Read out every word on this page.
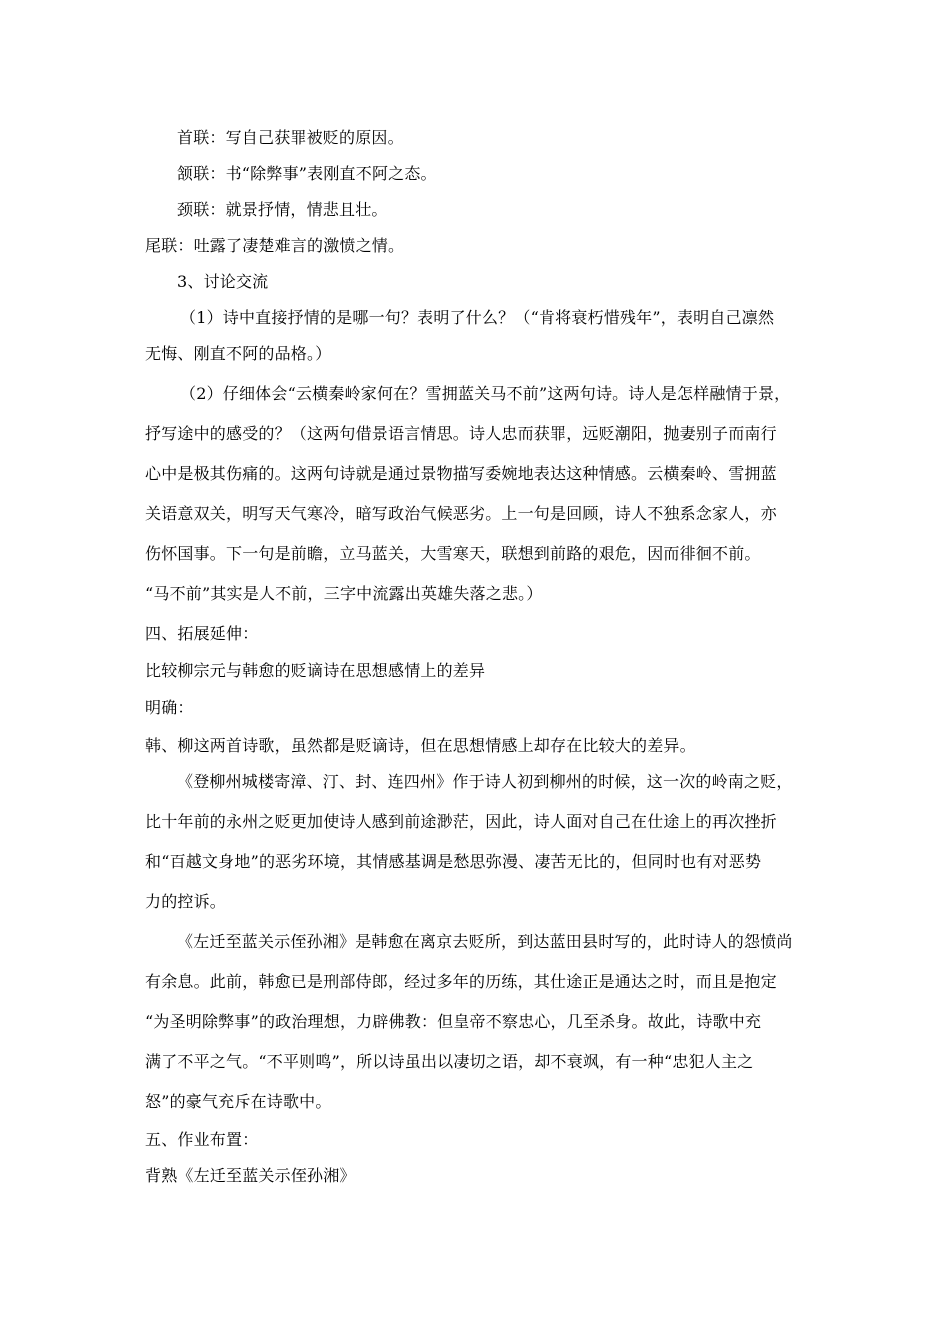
首联：写自己获罪被贬的原因。
颔联：书“除弊事”表刚直不阿之态。
颈联：就景抒情，情悲且壮。
尾联：吐露了凄楚难言的激愤之情。
3、讨论交流
（1）诗中直接抒情的是哪一句？表明了什么？（“肯将衰朽惜残年”，表明自己凛然
无悔、刚直不阿的品格。）
（2）仔细体会“云横秦岭家何在？雪拥蓝关马不前”这两句诗。诗人是怎样融情于景，
抒写途中的感受的？（这两句借景语言情思。诗人忠而获罪，远贬潮阳，抛妻别子而南行
心中是极其伤痛的。这两句诗就是通过景物描写委婉地表达这种情感。云横秦岭、雪拥蓝
关语意双关，明写天气寒冷，暗写政治气候恶劣。上一句是回顾，诗人不独系念家人，亦
伤怀国事。下一句是前瞻，立马蓝关，大雪寒天，联想到前路的艰危，因而徘徊不前。
“马不前”其实是人不前，三字中流露出英雄失落之悲。）
四、拓展延伸：
比较柳宗元与韩愈的贬谪诗在思想感情上的差异
明确：
韩、柳这两首诗歌，虽然都是贬谪诗，但在思想情感上却存在比较大的差异。
《登柳州城楼寄漳、汀、封、连四州》作于诗人初到柳州的时候，这一次的岭南之贬，
比十年前的永州之贬更加使诗人感到前途渺茫，因此，诗人面对自己在仕途上的再次挫折
和“百越文身地”的恶劣环境，其情感基调是愁思弥漫、凄苦无比的，但同时也有对恶势
力的控诉。
《左迁至蓝关示侄孙湘》是韩愈在离京去贬所，到达蓝田县时写的，此时诗人的怨愤尚
有余息。此前，韩愈已是刑部侍郎，经过多年的历练，其仕途正是通达之时，而且是抱定
“为圣明除弊事”的政治理想，力辟佛教：但皇帝不察忠心，几至杀身。故此，诗歌中充
满了不平之气。“不平则鸣”，所以诗虽出以凄切之语，却不衰飒，有一种“忠犯人主之
怒”的豪气充斥在诗歌中。
五、作业布置：
背熟《左迁至蓝关示侄孙湘》
